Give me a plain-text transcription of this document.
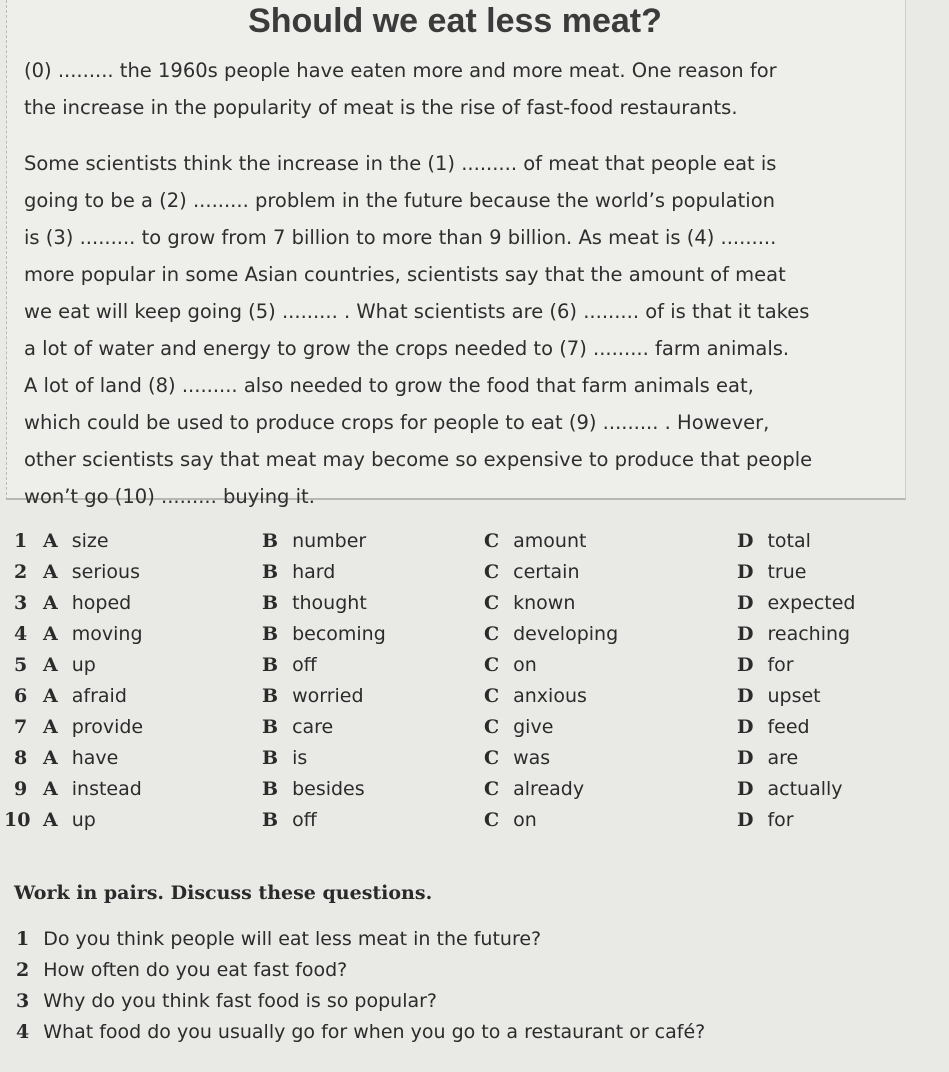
Should we eat less meat?
(0) ......... the 1960s people have eaten more and more meat. One reason for
the increase in the popularity of meat is the rise of fast-food restaurants.
Some scientists think the increase in the (1) ......... of meat that people eat is
going to be a (2) ......... problem in the future because the world’s population
is (3) ......... to grow from 7 billion to more than 9 billion. As meat is (4) .........
more popular in some Asian countries, scientists say that the amount of meat
we eat will keep going (5) ......... . What scientists are (6) ......... of is that it takes
a lot of water and energy to grow the crops needed to (7) ......... farm animals.
A lot of land (8) ......... also needed to grow the food that farm animals eat,
which could be used to produce crops for people to eat (9) ......... . However,
other scientists say that meat may become so expensive to produce that people
won’t go (10) ......... buying it.
1 A size	B number	C amount	D total
2 A serious	B hard	C certain	D true
3 A hoped	B thought	C known	D expected
4 A moving	B becoming	C developing	D reaching
5 A up	B off	C on	D for
6 A afraid	B worried	C anxious	D upset
7 A provide	B care	C give	D feed
8 A have	B is	C was	D are
9 A instead	B besides	C already	D actually
10 A up	B off	C on	D for
Work in pairs. Discuss these questions.
1 Do you think people will eat less meat in the future?
2 How often do you eat fast food?
3 Why do you think fast food is so popular?
4 What food do you usually go for when you go to a restaurant or café?
